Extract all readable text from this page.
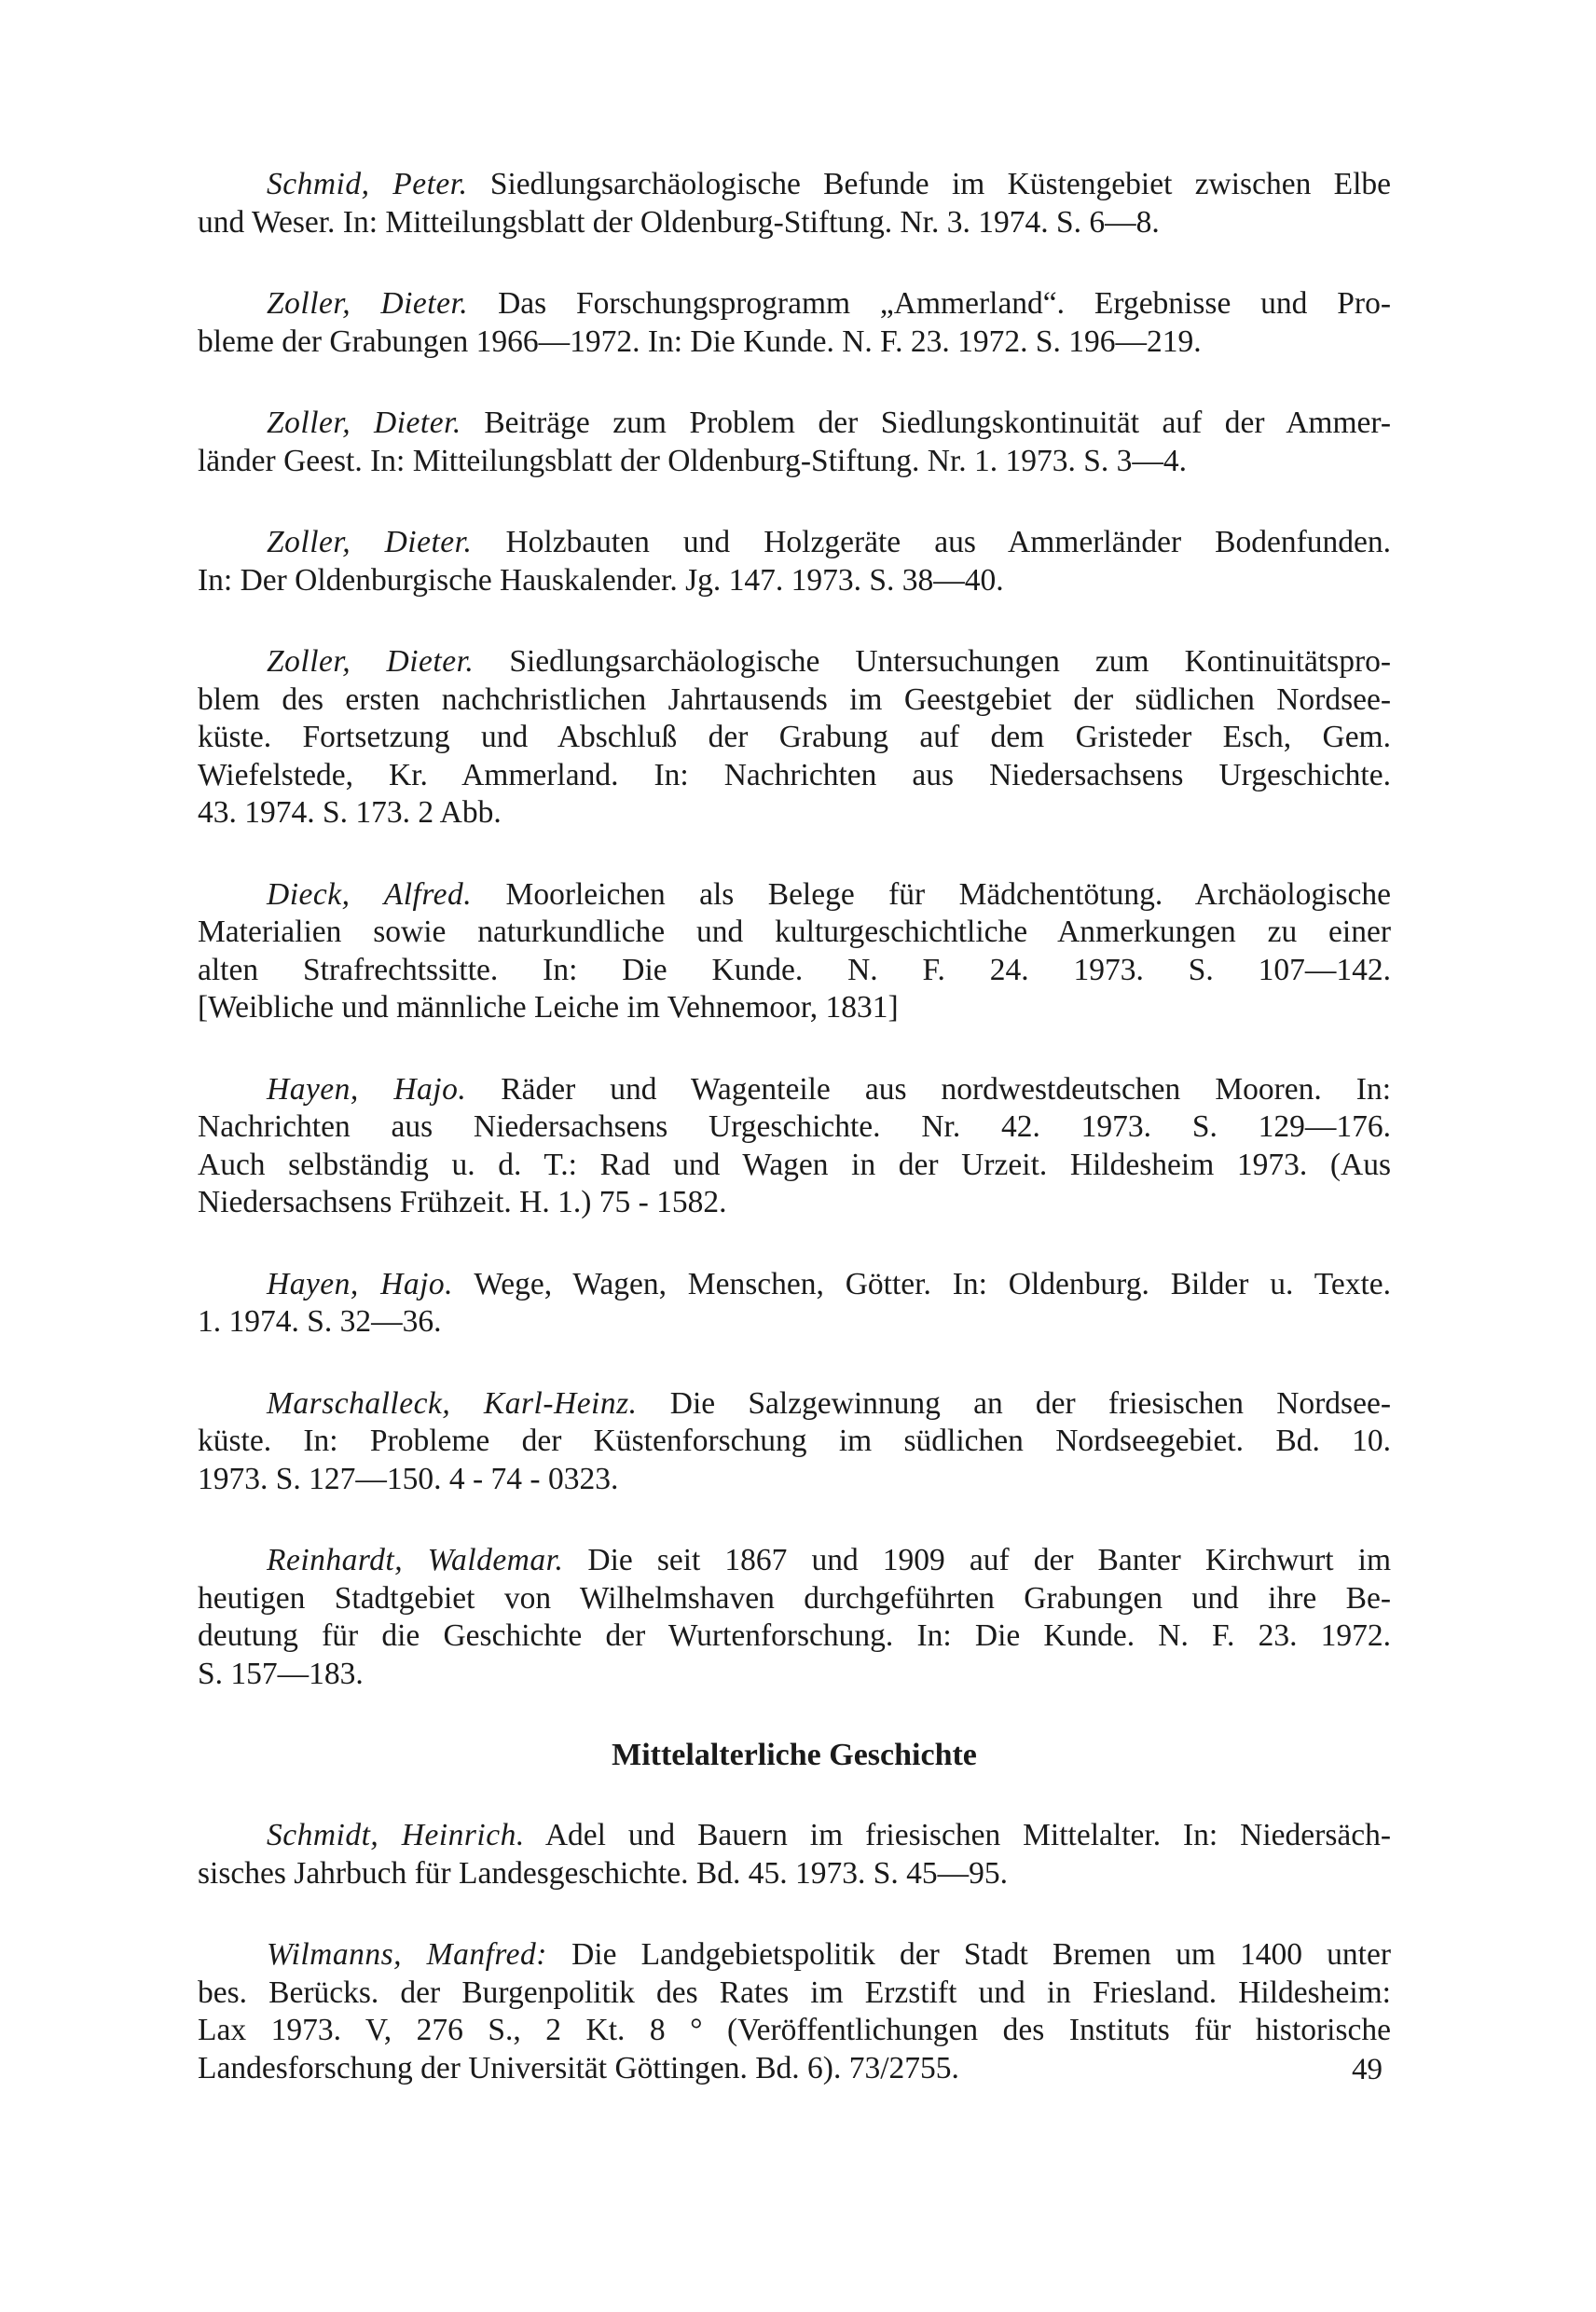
Schmid, Peter. Siedlungsarchäologische Befunde im Küstengebiet zwischen Elbe
und Weser. In: Mitteilungsblatt der Oldenburg-Stiftung. Nr. 3. 1974. S. 6—8.
Zoller, Dieter. Das Forschungsprogramm „Ammerland“. Ergebnisse und Pro-
bleme der Grabungen 1966—1972. In: Die Kunde. N. F. 23. 1972. S. 196—219.
Zoller, Dieter. Beiträge zum Problem der Siedlungskontinuität auf der Ammer-
länder Geest. In: Mitteilungsblatt der Oldenburg-Stiftung. Nr. 1. 1973. S. 3—4.
Zoller, Dieter. Holzbauten und Holzgeräte aus Ammerländer Bodenfunden.
In: Der Oldenburgische Hauskalender. Jg. 147. 1973. S. 38—40.
Zoller, Dieter. Siedlungsarchäologische Untersuchungen zum Kontinuitätspro-
blem des ersten nachchristlichen Jahrtausends im Geestgebiet der südlichen Nordsee-
küste. Fortsetzung und Abschluß der Grabung auf dem Gristeder Esch, Gem.
Wiefelstede, Kr. Ammerland. In: Nachrichten aus Niedersachsens Urgeschichte.
43. 1974. S. 173. 2 Abb.
Dieck, Alfred. Moorleichen als Belege für Mädchentötung. Archäologische
Materialien sowie naturkundliche und kulturgeschichtliche Anmerkungen zu einer
alten Strafrechtssitte. In: Die Kunde. N. F. 24. 1973. S. 107—142.
[Weibliche und männliche Leiche im Vehnemoor, 1831]
Hayen, Hajo. Räder und Wagenteile aus nordwestdeutschen Mooren. In:
Nachrichten aus Niedersachsens Urgeschichte. Nr. 42. 1973. S. 129—176.
Auch selbständig u. d. T.: Rad und Wagen in der Urzeit. Hildesheim 1973. (Aus
Niedersachsens Frühzeit. H. 1.) 75 - 1582.
Hayen, Hajo. Wege, Wagen, Menschen, Götter. In: Oldenburg. Bilder u. Texte.
1. 1974. S. 32—36.
Marschalleck, Karl-Heinz. Die Salzgewinnung an der friesischen Nordsee-
küste. In: Probleme der Küstenforschung im südlichen Nordseegebiet. Bd. 10.
1973. S. 127—150. 4 - 74 - 0323.
Reinhardt, Waldemar. Die seit 1867 und 1909 auf der Banter Kirchwurt im
heutigen Stadtgebiet von Wilhelmshaven durchgeführten Grabungen und ihre Be-
deutung für die Geschichte der Wurtenforschung. In: Die Kunde. N. F. 23. 1972.
S. 157—183.
Mittelalterliche Geschichte
Schmidt, Heinrich. Adel und Bauern im friesischen Mittelalter. In: Niedersäch-
sisches Jahrbuch für Landesgeschichte. Bd. 45. 1973. S. 45—95.
Wilmanns, Manfred: Die Landgebietspolitik der Stadt Bremen um 1400 unter
bes. Berücks. der Burgenpolitik des Rates im Erzstift und in Friesland. Hildesheim:
Lax 1973. V, 276 S., 2 Kt. 8 ° (Veröffentlichungen des Instituts für historische
Landesforschung der Universität Göttingen. Bd. 6). 73/2755.	49
